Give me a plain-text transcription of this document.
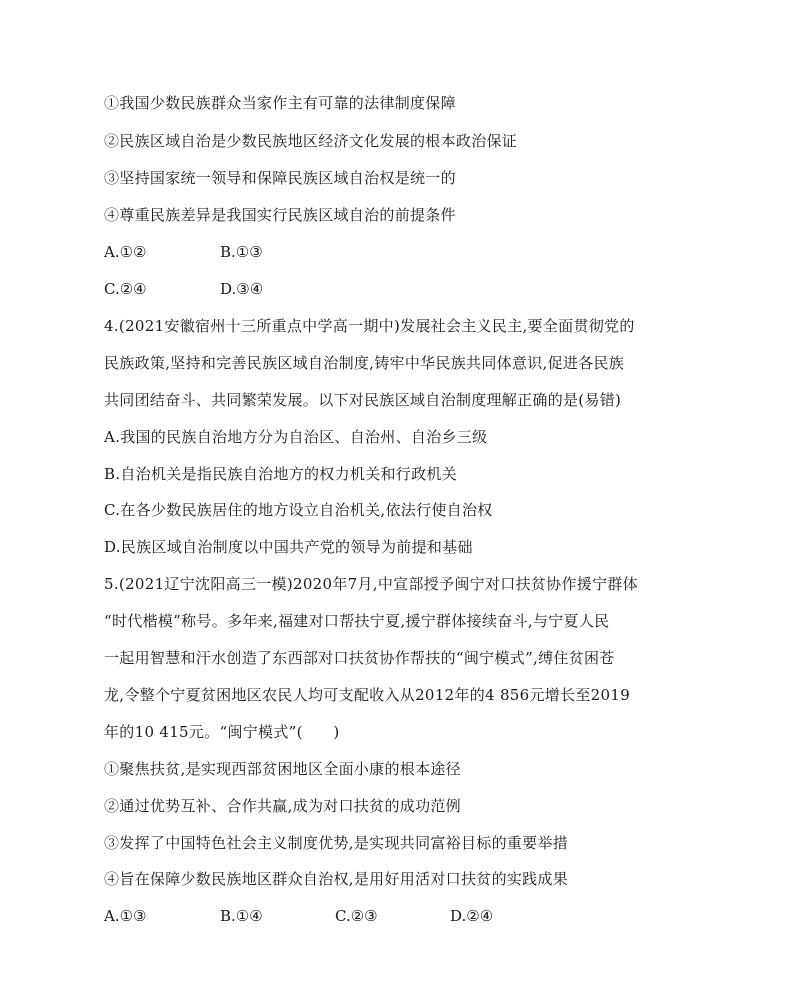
①我国少数民族群众当家作主有可靠的法律制度保障
②民族区域自治是少数民族地区经济文化发展的根本政治保证
③坚持国家统一领导和保障民族区域自治权是统一的
④尊重民族差异是我国实行民族区域自治的前提条件
A.①②	B.①③
C.②④	D.③④
4.(2021安徽宿州十三所重点中学高一期中)发展社会主义民主,要全面贯彻党的
民族政策,坚持和完善民族区域自治制度,铸牢中华民族共同体意识,促进各民族
共同团结奋斗、共同繁荣发展。以下对民族区域自治制度理解正确的是(易错)
A.我国的民族自治地方分为自治区、自治州、自治乡三级
B.自治机关是指民族自治地方的权力机关和行政机关
C.在各少数民族居住的地方设立自治机关,依法行使自治权
D.民族区域自治制度以中国共产党的领导为前提和基础
5.(2021辽宁沈阳高三一模)2020年7月,中宣部授予闽宁对口扶贫协作援宁群体
“时代楷模”称号。多年来,福建对口帮扶宁夏,援宁群体接续奋斗,与宁夏人民
一起用智慧和汗水创造了东西部对口扶贫协作帮扶的“闽宁模式”,缚住贫困苍
龙,令整个宁夏贫困地区农民人均可支配收入从2012年的4 856元增长至2019
年的10 415元。“闽宁模式”(　　)
①聚焦扶贫,是实现西部贫困地区全面小康的根本途径
②通过优势互补、合作共赢,成为对口扶贫的成功范例
③发挥了中国特色社会主义制度优势,是实现共同富裕目标的重要举措
④旨在保障少数民族地区群众自治权,是用好用活对口扶贫的实践成果
A.①③	B.①④	C.②③	D.②④
